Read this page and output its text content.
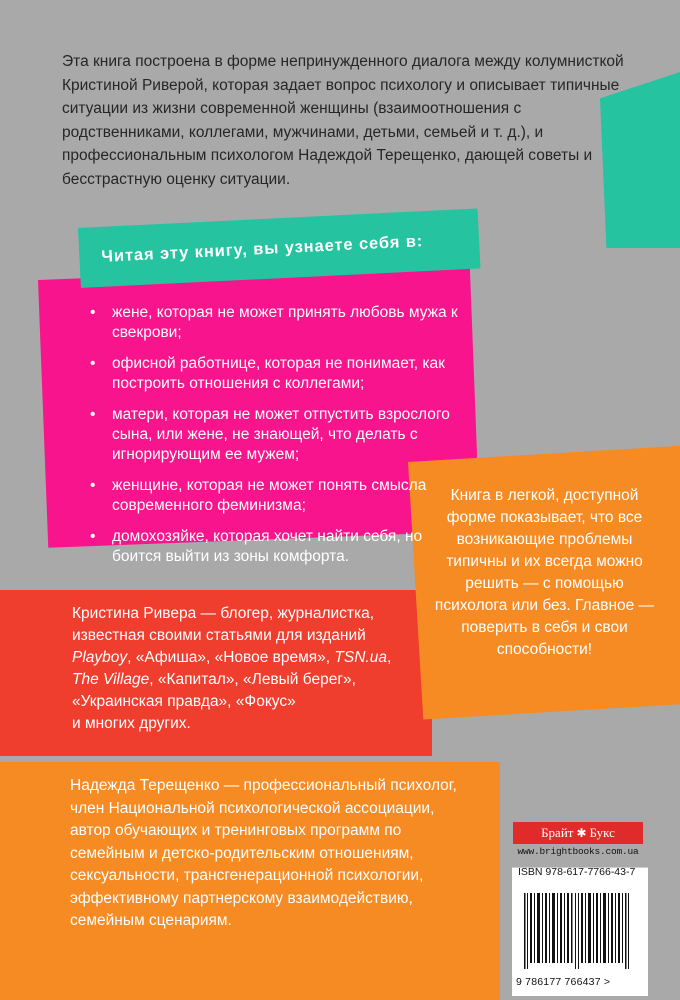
Читая эту книгу, вы узнаете себя в:
Эта книга построена в форме непринужденного диалога между колумнисткой Кристиной Риверой, которая задает вопрос психологу и описывает типичные ситуации из жизни современной женщины (взаимоотношения с родственниками, коллегами, мужчинами, детьми, семьей и т. д.), и профессиональным психологом Надеждой Терещенко, дающей советы и бесстрастную оценку ситуации.
• жене, которая не может принять любовь мужа к свекрови;
• офисной работнице, которая не понимает, как построить отношения с коллегами;
• матери, которая не может отпустить взрослого сына, или жене, не знающей, что делать с игнорирующим ее мужем;
• женщине, которая не может понять смысла современного феминизма;
• домохозяйке, которая хочет найти себя, но боится выйти из зоны комфорта.
Книга в легкой, доступной форме показывает, что все возникающие проблемы типичны и их всегда можно решить — с помощью психолога или без. Главное — поверить в себя и свои способности!
Кристина Ривера — блогер, журналистка,
известная своими статьями для изданий
Playboy, «Афиша», «Новое время», TSN.ua,
The Village, «Капитал», «Левый берег»,
«Украинская правда», «Фокус»
и многих других.
Надежда Терещенко — профессиональный психолог, член Национальной психологической ассоциации, автор обучающих и тренинговых программ по семейным и детско-родительским отношениям, сексуальности, трансгенерационной психологии, эффективному партнерскому взаимодействию, семейным сценариям.
Брайт ✱ Букс
www.brightbooks.com.ua
ISBN 978-617-7766-43-7
9 786177 766437 >
